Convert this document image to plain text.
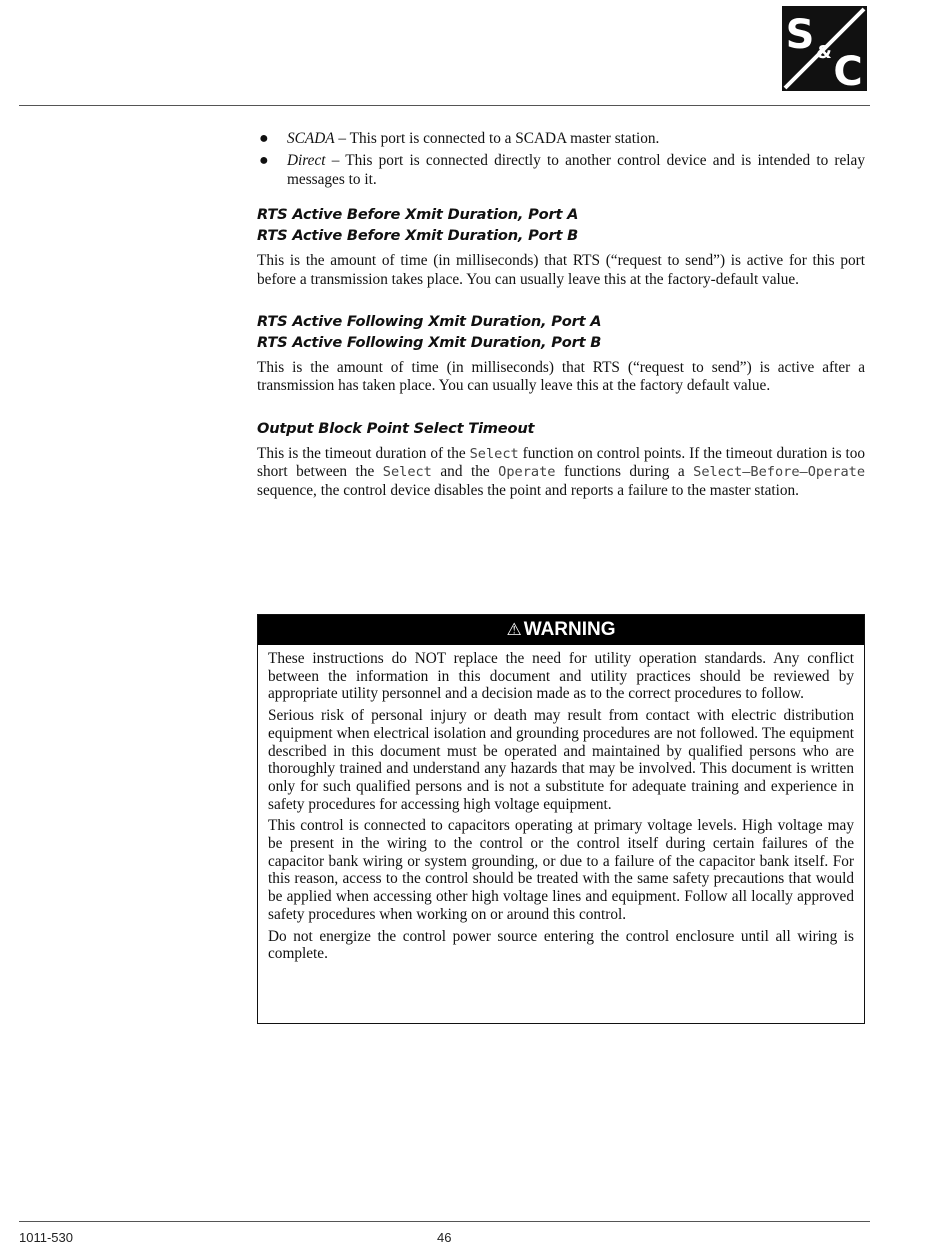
S & C
● SCADA – This port is connected to a SCADA master station.
● Direct – This port is connected directly to another control device and is intended to relay messages to it.
RTS Active Before Xmit Duration, Port A
RTS Active Before Xmit Duration, Port B

This is the amount of time (in milliseconds) that RTS (“request to send”) is active for this port before a transmission takes place. You can usually leave this at the factory-default value.

RTS Active Following Xmit Duration, Port A
RTS Active Following Xmit Duration, Port B

This is the amount of time (in milliseconds) that RTS (“request to send”) is active after a transmission has taken place. You can usually leave this at the factory default value.

Output Block Point Select Timeout

This is the timeout duration of the Select function on control points. If the timeout duration is too short between the Select and the Operate functions during a Select–Before–Operate sequence, the control device disables the point and reports a failure to the master station.

⚠ WARNING

These instructions do NOT replace the need for utility operation standards. Any conflict between the information in this document and utility practices should be reviewed by appropriate utility personnel and a decision made as to the correct procedures to follow.

Serious risk of personal injury or death may result from contact with electric distribution equipment when electrical isolation and grounding procedures are not followed. The equipment described in this document must be operated and maintained by qualified persons who are thoroughly trained and understand any hazards that may be involved. This document is written only for such qualified persons and is not a substitute for adequate training and experience in safety procedures for accessing high voltage equipment.

This control is connected to capacitors operating at primary voltage levels. High voltage may be present in the wiring to the control or the control itself during certain failures of the capacitor bank wiring or system grounding, or due to a failure of the capacitor bank itself. For this reason, access to the control should be treated with the same safety precautions that would be applied when accessing other high voltage lines and equipment. Follow all locally approved safety procedures when working on or around this control.

Do not energize the control power source entering the control enclosure until all wiring is complete.

1011-530	46
